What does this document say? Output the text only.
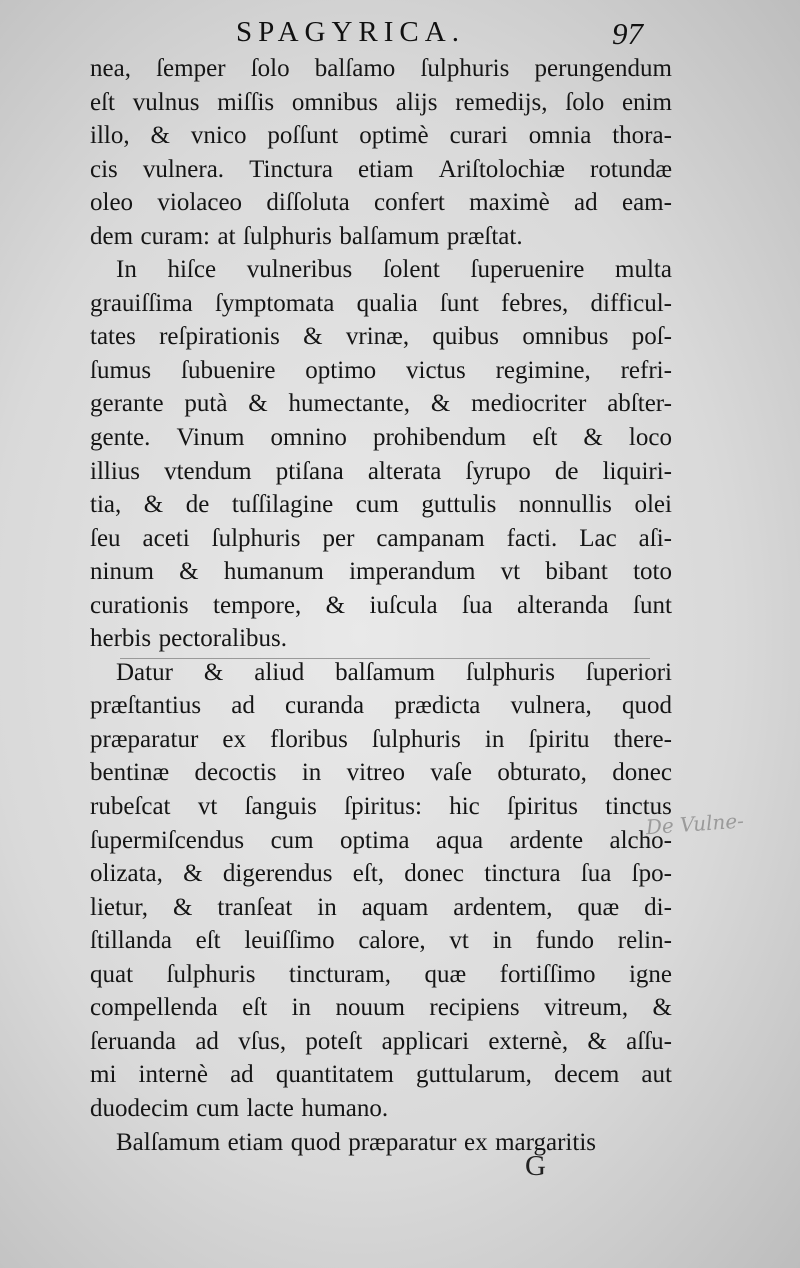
De Vulne-
SPAGYRICA.	97
nea, ſemper ſolo balſamo ſulphuris perungendum
eſt vulnus miſſis omnibus alijs remedijs, ſolo enim
illo, & vnico poſſunt optimè curari omnia thora-
cis vulnera. Tinctura etiam Ariſtolochiæ rotundæ
oleo violaceo diſſoluta confert maximè ad eam-
dem curam: at ſulphuris balſamum præſtat.
In hiſce vulneribus ſolent ſuperuenire multa
grauiſſima ſymptomata qualia ſunt febres, difficul-
tates reſpirationis & vrinæ, quibus omnibus poſ-
ſumus ſubuenire optimo victus regimine, refri-
gerante putà & humectante, & mediocriter abſter-
gente. Vinum omnino prohibendum eſt & loco
illius vtendum ptiſana alterata ſyrupo de liquiri-
tia, & de tuſſilagine cum guttulis nonnullis olei
ſeu aceti ſulphuris per campanam facti. Lac aſi-
ninum & humanum imperandum vt bibant toto
curationis tempore, & iuſcula ſua alteranda ſunt
herbis pectoralibus.
Datur & aliud balſamum ſulphuris ſuperiori
præſtantius ad curanda prædicta vulnera, quod
præparatur ex floribus ſulphuris in ſpiritu there-
bentinæ decoctis in vitreo vaſe obturato, donec
rubeſcat vt ſanguis ſpiritus: hic ſpiritus tinctus
ſupermiſcendus cum optima aqua ardente alcho-
olizata, & digerendus eſt, donec tinctura ſua ſpo-
lietur, & tranſeat in aquam ardentem, quæ di-
ſtillanda eſt leuiſſimo calore, vt in fundo relin-
quat ſulphuris tincturam, quæ fortiſſimo igne
compellenda eſt in nouum recipiens vitreum, &
ſeruanda ad vſus, poteſt applicari externè, & aſſu-
mi internè ad quantitatem guttularum, decem aut
duodecim cum lacte humano.
Balſamum etiam quod præparatur ex margaritis
G
